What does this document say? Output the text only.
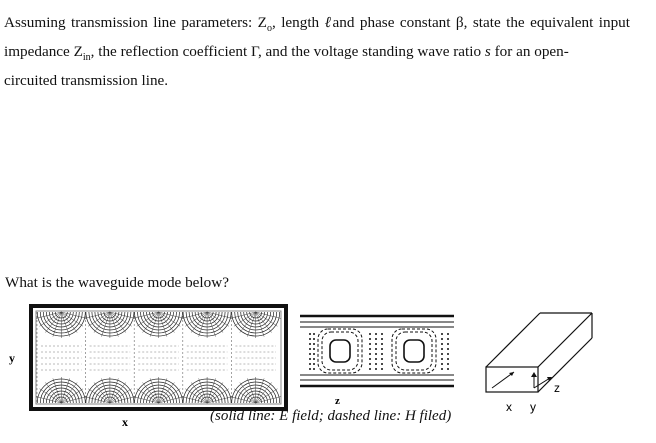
Assuming transmission line parameters: $Z_o$, length ℓand phase constant β, state the equivalent input impedance $Z_{in}$, the reflection coefficient Γ, and the voltage standing wave ratio s for an open-
circuited transmission line.
What is the waveguide mode below?
y
x
z	x y
z
(solid line: E field; dashed line: H filed)
